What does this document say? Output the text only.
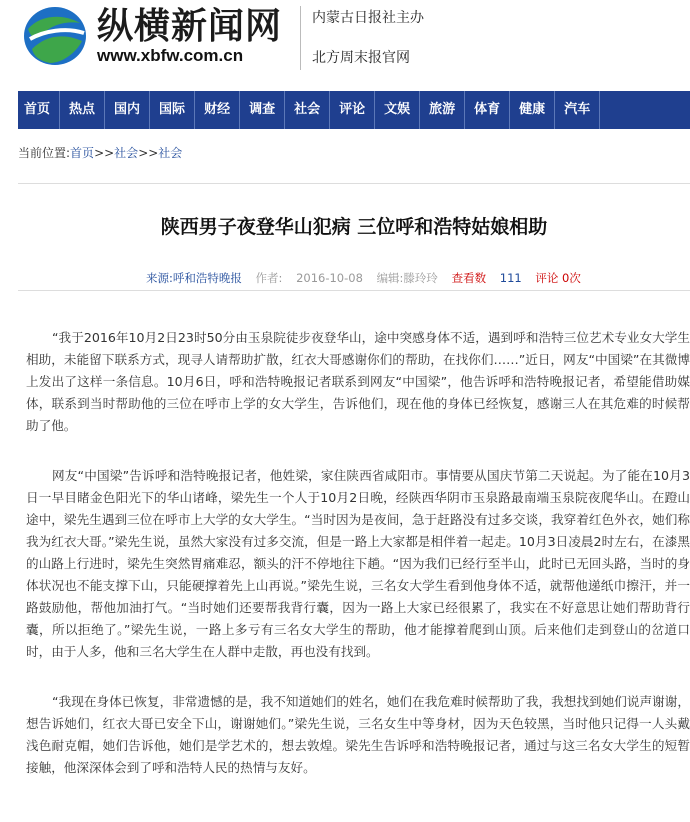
纵横新闻网
www.xbfw.com.cn
内蒙古日报社主办
北方周末报官网
首页	热点	国内	国际	财经	调查	社会	评论	文娱	旅游	体育	健康	汽车
当前位置:首页>>社会>>社会
陕西男子夜登华山犯病 三位呼和浩特姑娘相助
来源:呼和浩特晚报 作者: 2016-10-08 编辑:滕玲玲 查看数 111 评论 0次

“我于2016年10月2日23时50分由玉泉院徒步夜登华山，途中突感身体不适，遇到呼和浩特三位艺术专业女大学生相助，未能留下联系方式，现寻人请帮助扩散，红衣大哥感谢你们的帮助，在找你们……”近日，网友“中国梁”在其微博上发出了这样一条信息。10月6日，呼和浩特晚报记者联系到网友“中国梁”，他告诉呼和浩特晚报记者，希望能借助媒体，联系到当时帮助他的三位在呼市上学的女大学生，告诉他们，现在他的身体已经恢复，感谢三人在其危难的时候帮助了他。

网友“中国梁”告诉呼和浩特晚报记者，他姓梁，家住陕西省咸阳市。事情要从国庆节第二天说起。为了能在10月3日一早目睹金色阳光下的华山诸峰，梁先生一个人于10月2日晚，经陕西华阴市玉泉路最南端玉泉院夜爬华山。在蹬山途中，梁先生遇到三位在呼市上大学的女大学生。“当时因为是夜间，急于赶路没有过多交谈，我穿着红色外衣，她们称我为红衣大哥。”梁先生说，虽然大家没有过多交流，但是一路上大家都是相伴着一起走。10月3日凌晨2时左右，在漆黑的山路上行进时，梁先生突然胃痛难忍，额头的汗不停地往下趟。“因为我们已经行至半山，此时已无回头路，当时的身体状况也不能支撑下山，只能硬撑着先上山再说。”梁先生说，三名女大学生看到他身体不适，就帮他递纸巾擦汗，并一路鼓励他，帮他加油打气。“当时她们还要帮我背行囊，因为一路上大家已经很累了，我实在不好意思让她们帮助背行囊，所以拒绝了。”梁先生说，一路上多亏有三名女大学生的帮助，他才能撑着爬到山顶。后来他们走到登山的岔道口时，由于人多，他和三名大学生在人群中走散，再也没有找到。

“我现在身体已恢复，非常遗憾的是，我不知道她们的姓名，她们在我危难时候帮助了我，我想找到她们说声谢谢，想告诉她们，红衣大哥已安全下山，谢谢她们。”梁先生说，三名女生中等身材，因为天色较黑，当时他只记得一人头戴浅色耐克帽，她们告诉他，她们是学艺术的，想去敦煌。梁先生告诉呼和浩特晚报记者，通过与这三名女大学生的短暂接触，他深深体会到了呼和浩特人民的热情与友好。
